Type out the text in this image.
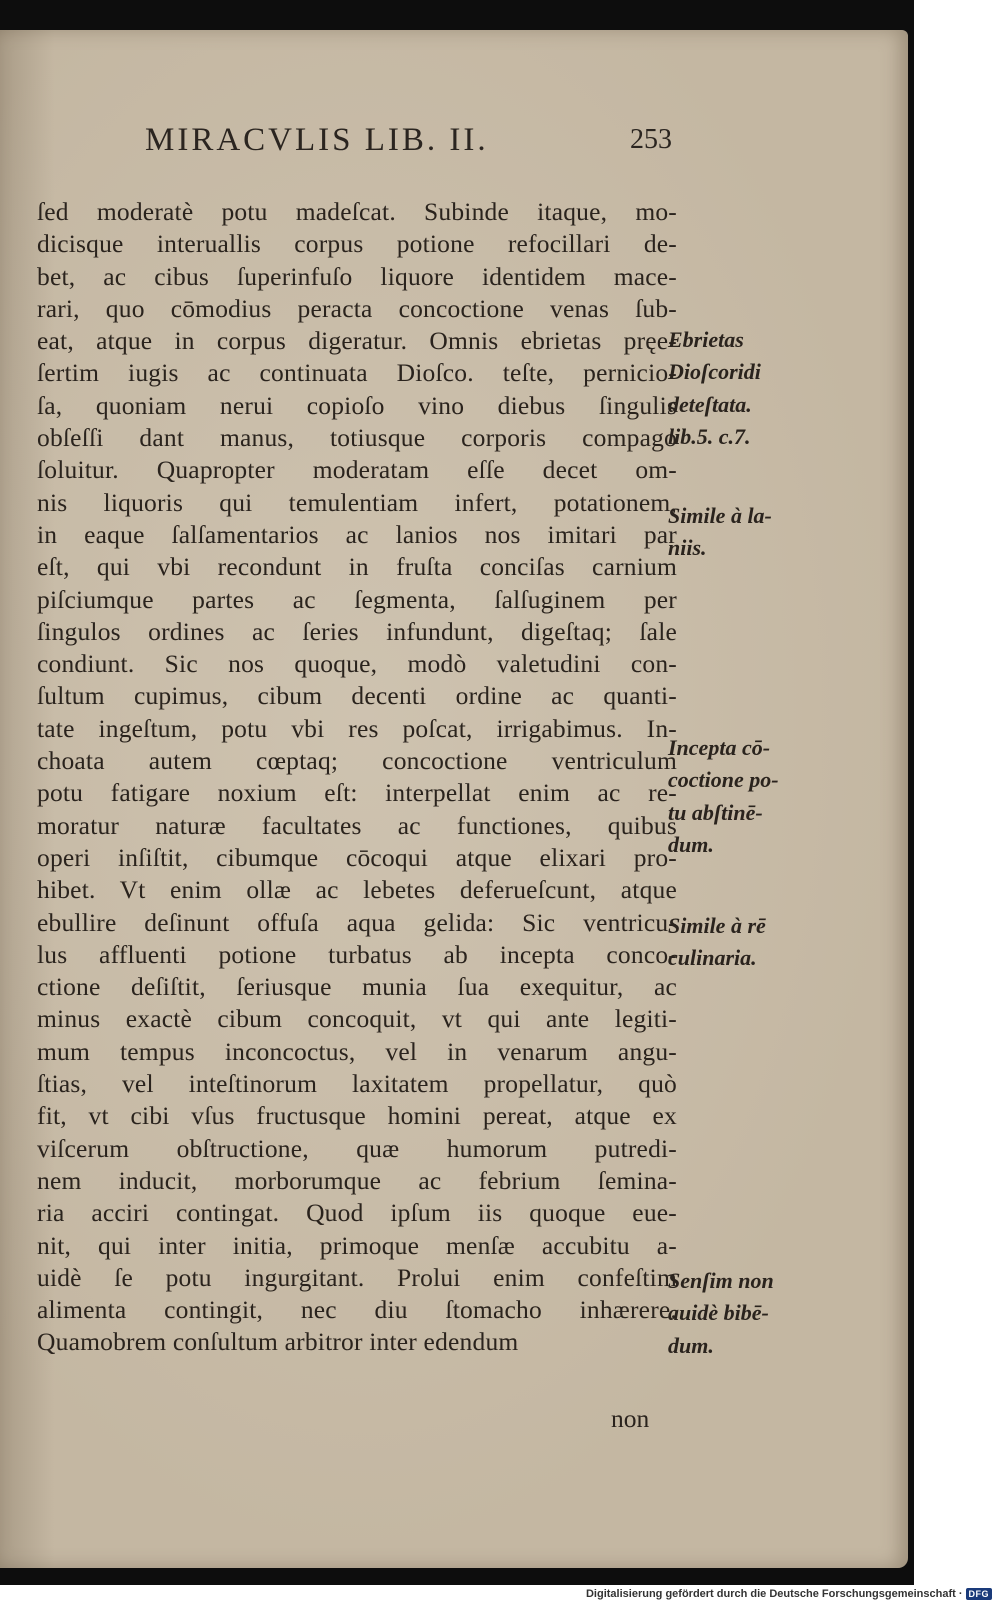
MIRACVLIS LIB. II.	253
ſed moderatè potu madeſcat. Subinde itaque, mo-
dicisque interuallis corpus potione refocillari de-
bet, ac cibus ſuperinfuſo liquore identidem mace-
rari, quo cōmodius peracta concoctione venas ſub-
eat, atque in corpus digeratur. Omnis ebrietas pręe-
ſertim iugis ac continuata Dioſco. teſte, pernicio-
ſa, quoniam nerui copioſo vino diebus ſingulis
obſeſſi dant manus, totiusque corporis compago
ſoluitur. Quapropter moderatam eſſe decet om-
nis liquoris qui temulentiam infert, potationem,
in eaque ſalſamentarios ac lanios nos imitari par
eſt, qui vbi recondunt in fruſta conciſas carnium
piſciumque partes ac ſegmenta, ſalſuginem per
ſingulos ordines ac ſeries infundunt, digeſtaq; ſale
condiunt. Sic nos quoque, modò valetudini con-
ſultum cupimus, cibum decenti ordine ac quanti-
tate ingeſtum, potu vbi res poſcat, irrigabimus. In-
choata autem cœptaq; concoctione ventriculum
potu fatigare noxium eſt: interpellat enim ac re-
moratur naturæ facultates ac functiones, quibus
operi inſiſtit, cibumque cōcoqui atque elixari pro-
hibet. Vt enim ollæ ac lebetes deferueſcunt, atque
ebullire deſinunt offuſa aqua gelida: Sic ventricu-
lus affluenti potione turbatus ab incepta conco-
ctione deſiſtit, ſeriusque munia ſua exequitur, ac
minus exactè cibum concoquit, vt qui ante legiti-
mum tempus inconcoctus, vel in venarum angu-
ſtias, vel inteſtinorum laxitatem propellatur, quò
fit, vt cibi vſus fructusque homini pereat, atque ex
viſcerum obſtructione, quæ humorum putredi-
nem inducit, morborumque ac febrium ſemina-
ria acciri contingat. Quod ipſum iis quoque eue-
nit, qui inter initia, primoque menſæ accubitu a-
uidè ſe potu ingurgitant. Prolui enim confeſtim
alimenta contingit, nec diu ſtomacho inhærere.
Quamobrem conſultum arbitror inter edendum
non
Ebrietas
Dioſcoridi
deteſtata.
lib.5. c.7.
Simile à la-
niis.
Incepta cō-
coctione po-
tu abſtinē-
dum.
Simile à rē
culinaria.
Senſim non
auidè bibē-
dum.
Digitalisierung gefördert durch die Deutsche Forschungsgemeinschaft · DFG
